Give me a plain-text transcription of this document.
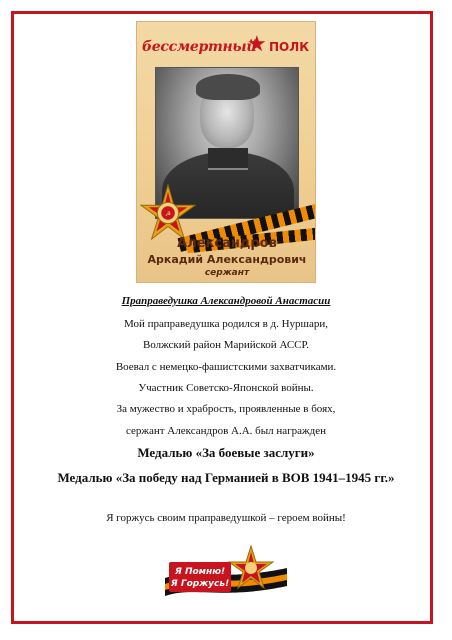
бессмертный
★ ПОЛК
☭
Александров
Аркадий Александрович
сержант
Праправедушка Александровой Анастасии
Мой праправедушка родился в д. Нуршари,
Волжский район Марийской АССР.
Воевал с немецко-фашистскими захватчиками.
Участник Советско-Японской войны.
За мужество и храбрость, проявленные в боях,
сержант Александров А.А. был награжден
Медалью «За боевые заслуги»
Медалью «За победу над Германией в ВОВ 1941–1945 гг.»
Я горжусь своим праправедушкой – героем войны!
Я Помню!
Я Горжусь!
